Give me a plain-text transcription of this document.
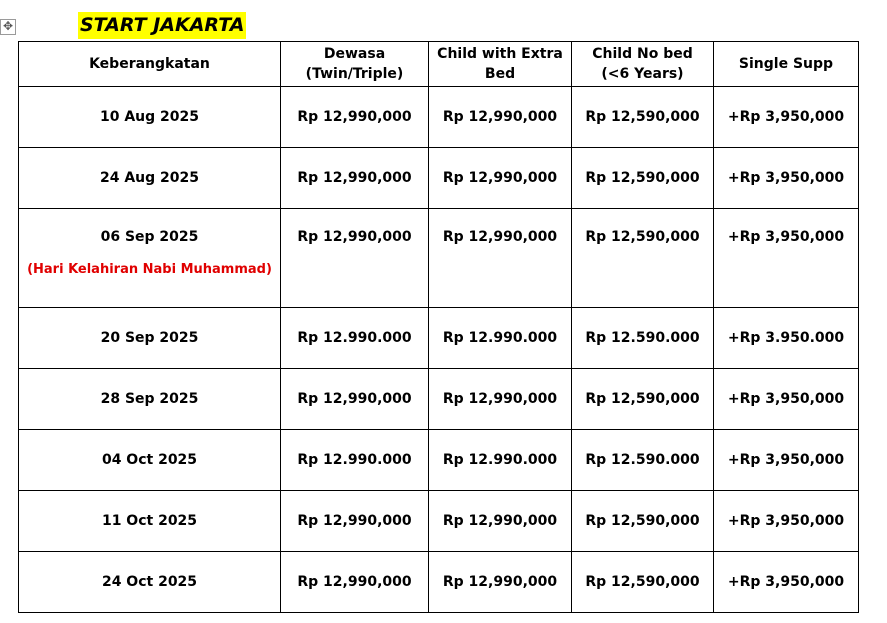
✥	START JAKARTA
Keberangkatan	Dewasa (Twin/Triple)	Child with Extra Bed	Child No bed (<6 Years)	Single Supp
10 Aug 2025	Rp 12,990,000	Rp 12,990,000	Rp 12,590,000	+Rp 3,950,000
24 Aug 2025	Rp 12,990,000	Rp 12,990,000	Rp 12,590,000	+Rp 3,950,000
06 Sep 2025
(Hari Kelahiran Nabi Muhammad)	Rp 12,990,000	Rp 12,990,000	Rp 12,590,000	+Rp 3,950,000
20 Sep 2025	Rp 12.990.000	Rp 12.990.000	Rp 12.590.000	+Rp 3.950.000
28 Sep 2025	Rp 12,990,000	Rp 12,990,000	Rp 12,590,000	+Rp 3,950,000
04 Oct 2025	Rp 12.990.000	Rp 12.990.000	Rp 12.590.000	+Rp 3,950,000
11 Oct 2025	Rp 12,990,000	Rp 12,990,000	Rp 12,590,000	+Rp 3,950,000
24 Oct 2025	Rp 12,990,000	Rp 12,990,000	Rp 12,590,000	+Rp 3,950,000
